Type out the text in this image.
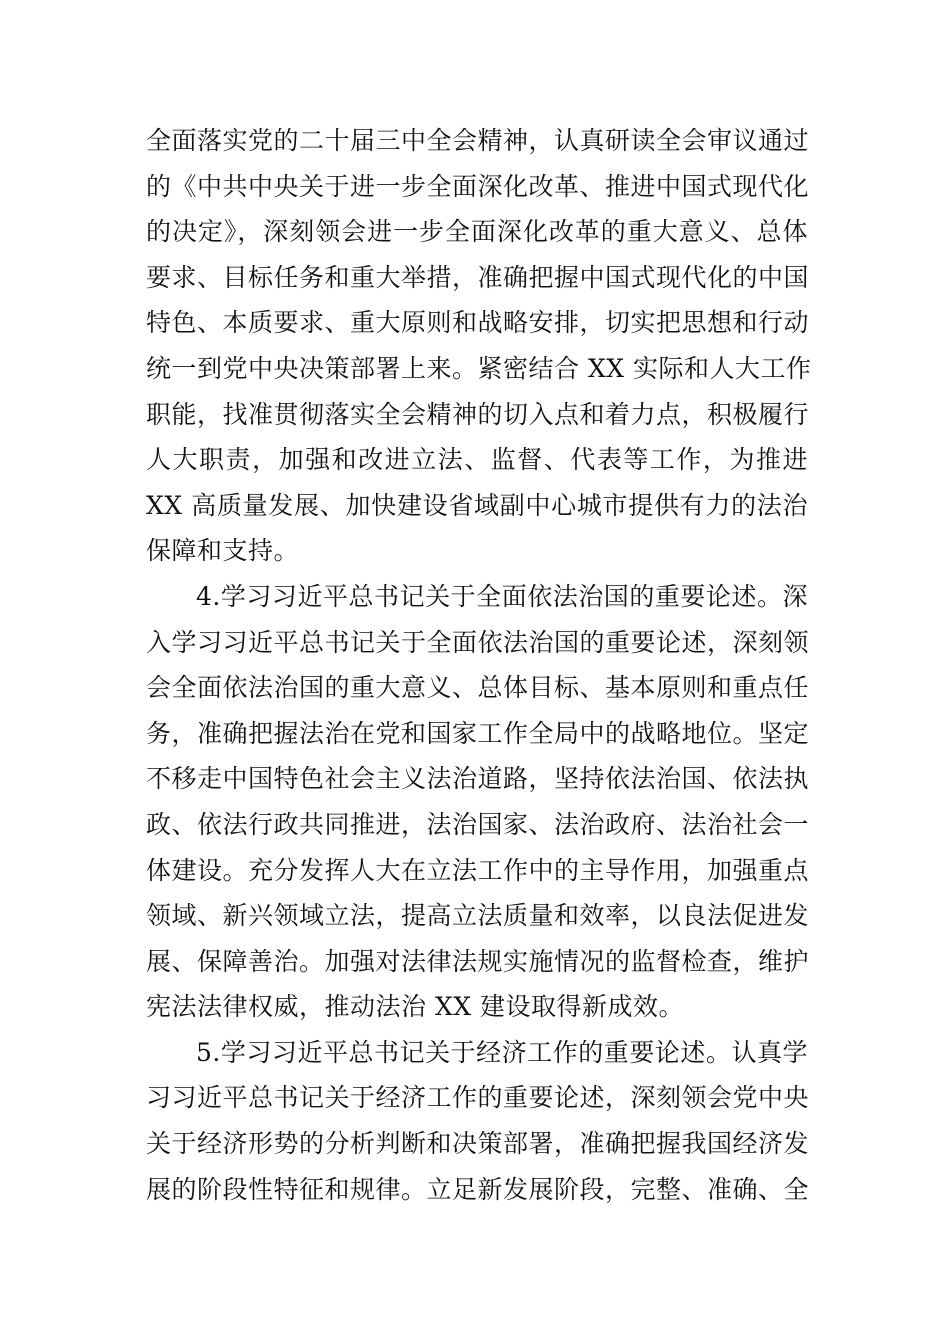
全面落实党的二十届三中全会精神，认真研读全会审议通过
的《中共中央关于进一步全面深化改革、推进中国式现代化
的决定》，深刻领会进一步全面深化改革的重大意义、总体
要求、目标任务和重大举措，准确把握中国式现代化的中国
特色、本质要求、重大原则和战略安排，切实把思想和行动
统一到党中央决策部署上来。紧密结合 XX 实际和人大工作
职能，找准贯彻落实全会精神的切入点和着力点，积极履行
人大职责，加强和改进立法、监督、代表等工作，为推进
XX 高质量发展、加快建设省域副中心城市提供有力的法治
保障和支持。
4.学习习近平总书记关于全面依法治国的重要论述。深
入学习习近平总书记关于全面依法治国的重要论述，深刻领
会全面依法治国的重大意义、总体目标、基本原则和重点任
务，准确把握法治在党和国家工作全局中的战略地位。坚定
不移走中国特色社会主义法治道路，坚持依法治国、依法执
政、依法行政共同推进，法治国家、法治政府、法治社会一
体建设。充分发挥人大在立法工作中的主导作用，加强重点
领域、新兴领域立法，提高立法质量和效率，以良法促进发
展、保障善治。加强对法律法规实施情况的监督检查，维护
宪法法律权威，推动法治 XX 建设取得新成效。
5.学习习近平总书记关于经济工作的重要论述。认真学
习习近平总书记关于经济工作的重要论述，深刻领会党中央
关于经济形势的分析判断和决策部署，准确把握我国经济发
展的阶段性特征和规律。立足新发展阶段，完整、准确、全
